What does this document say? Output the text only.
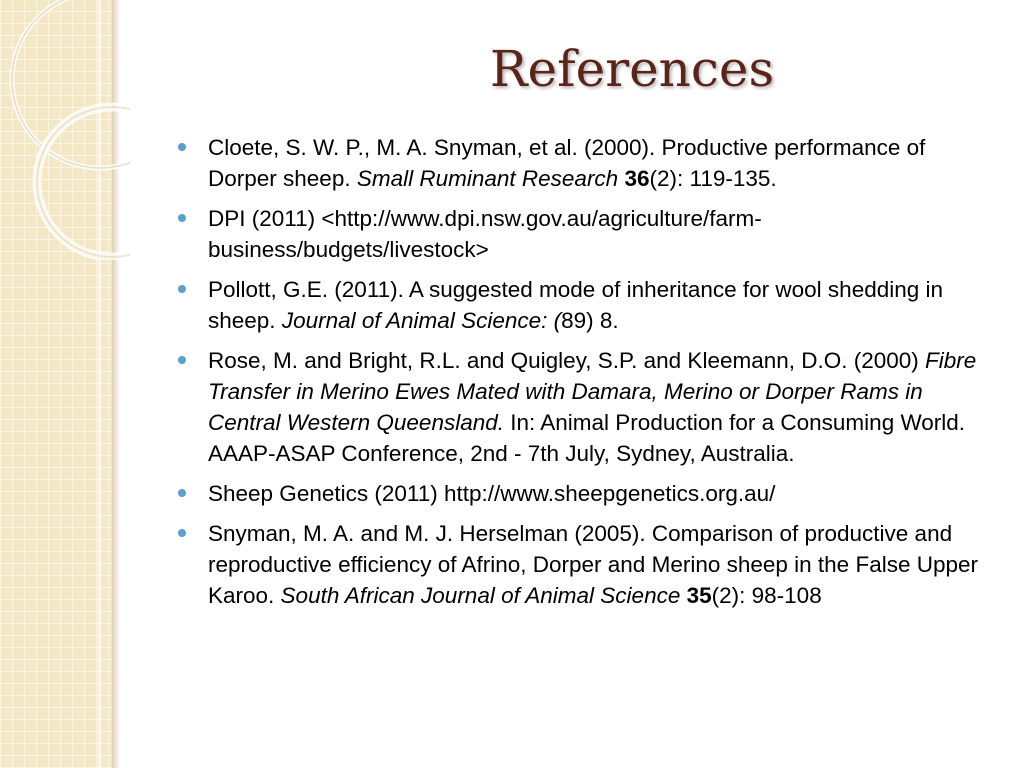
References
Cloete, S. W. P., M. A. Snyman, et al. (2000). Productive performance of Dorper sheep. Small Ruminant Research 36(2): 119-135.
DPI (2011) <http://www.dpi.nsw.gov.au/agriculture/farm-business/budgets/livestock>
Pollott, G.E. (2011). A suggested mode of inheritance for wool shedding in sheep. Journal of Animal Science: (89) 8.
Rose, M. and Bright, R.L. and Quigley, S.P. and Kleemann, D.O. (2000) Fibre Transfer in Merino Ewes Mated with Damara, Merino or Dorper Rams in Central Western Queensland. In: Animal Production for a Consuming World. AAAP-ASAP Conference, 2nd - 7th July, Sydney, Australia.
Sheep Genetics (2011) http://www.sheepgenetics.org.au/
Snyman, M. A. and M. J. Herselman (2005). Comparison of productive and reproductive efficiency of Afrino, Dorper and Merino sheep in the False Upper Karoo. South African Journal of Animal Science 35(2): 98-108
